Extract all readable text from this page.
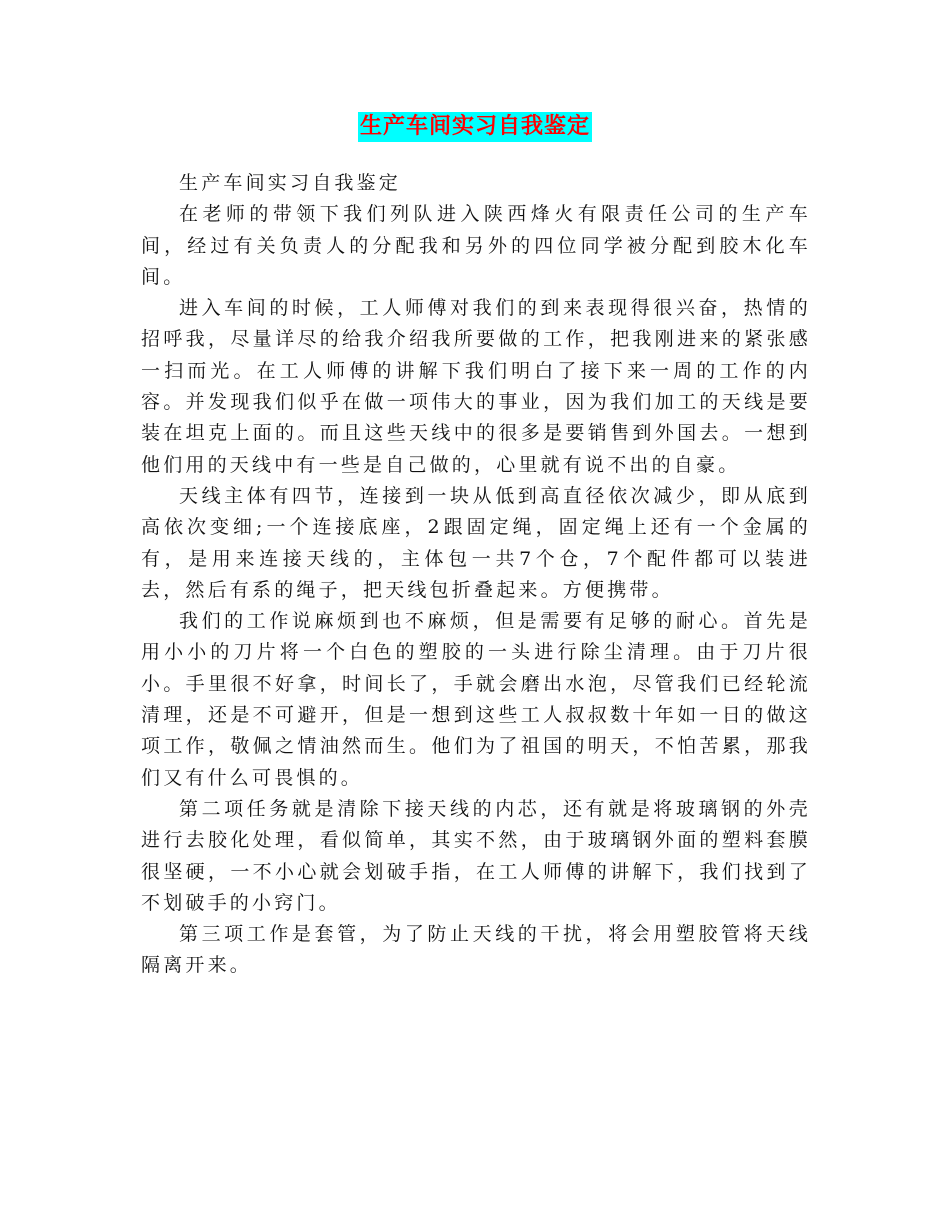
生产车间实习自我鉴定

生产车间实习自我鉴定

在老师的带领下我们列队进入陕西烽火有限责任公司的生产车间，经过有关负责人的分配我和另外的四位同学被分配到胶木化车间。

进入车间的时候，工人师傅对我们的到来表现得很兴奋，热情的招呼我，尽量详尽的给我介绍我所要做的工作，把我刚进来的紧张感一扫而光。在工人师傅的讲解下我们明白了接下来一周的工作的内容。并发现我们似乎在做一项伟大的事业，因为我们加工的天线是要装在坦克上面的。而且这些天线中的很多是要销售到外国去。一想到他们用的天线中有一些是自己做的，心里就有说不出的自豪。

天线主体有四节，连接到一块从低到高直径依次减少，即从底到高依次变细;一个连接底座，2跟固定绳，固定绳上还有一个金属的有，是用来连接天线的，主体包一共7个仓，7个配件都可以装进去，然后有系的绳子，把天线包折叠起来。方便携带。

我们的工作说麻烦到也不麻烦，但是需要有足够的耐心。首先是用小小的刀片将一个白色的塑胶的一头进行除尘清理。由于刀片很小。手里很不好拿，时间长了，手就会磨出水泡，尽管我们已经轮流清理，还是不可避开，但是一想到这些工人叔叔数十年如一日的做这项工作，敬佩之情油然而生。他们为了祖国的明天，不怕苦累，那我们又有什么可畏惧的。

第二项任务就是清除下接天线的内芯，还有就是将玻璃钢的外壳进行去胶化处理，看似简单，其实不然，由于玻璃钢外面的塑料套膜很坚硬，一不小心就会划破手指，在工人师傅的讲解下，我们找到了不划破手的小窍门。

第三项工作是套管，为了防止天线的干扰，将会用塑胶管将天线隔离开来。
